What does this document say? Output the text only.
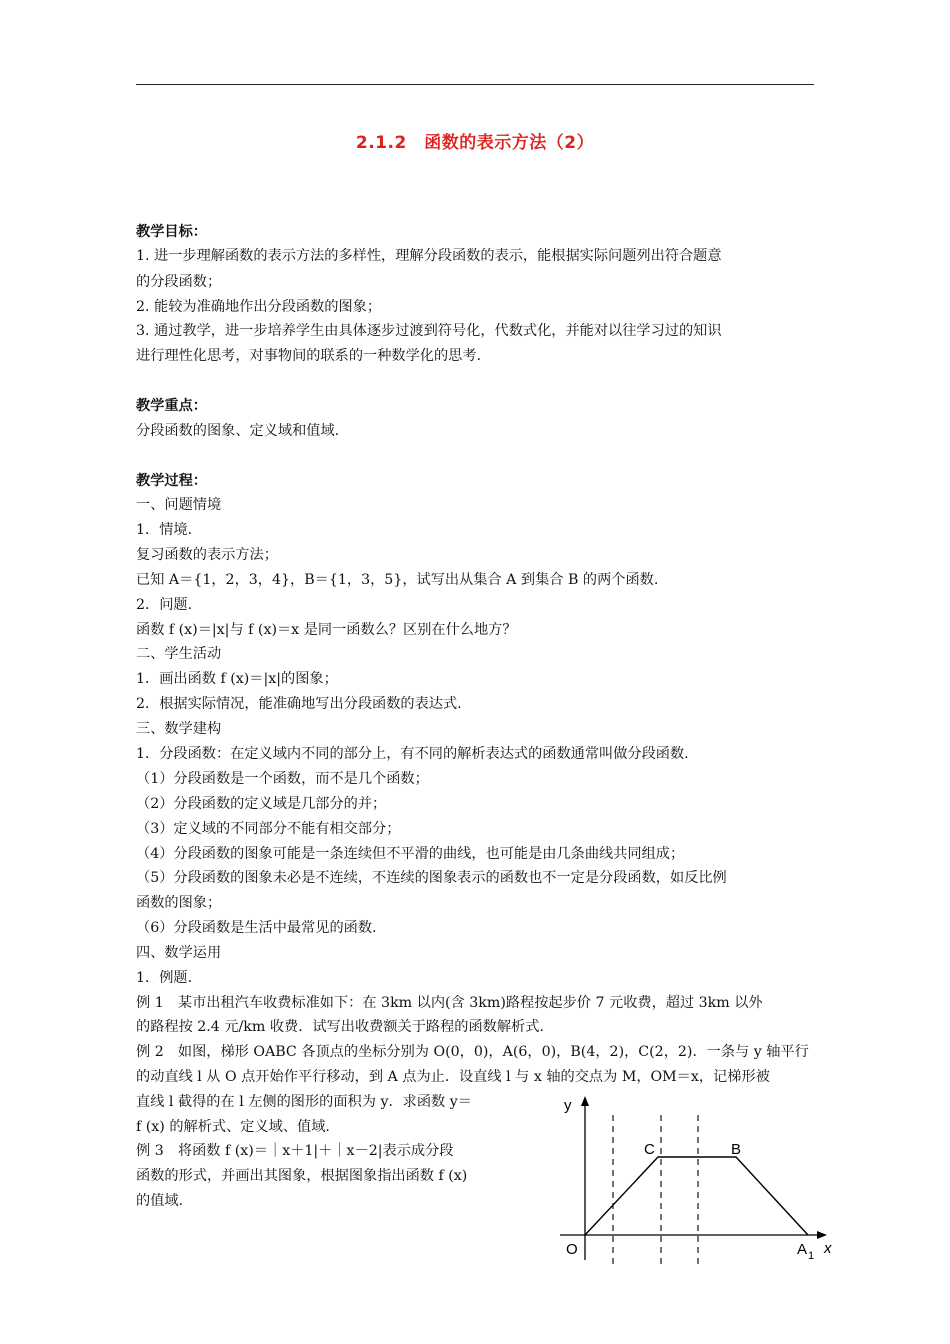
2.1.2　函数的表示方法（2）
教学目标：
1. 进一步理解函数的表示方法的多样性，理解分段函数的表示，能根据实际问题列出符合题意
的分段函数；
2. 能较为准确地作出分段函数的图象；
3. 通过教学，进一步培养学生由具体逐步过渡到符号化，代数式化，并能对以往学习过的知识
进行理性化思考，对事物间的联系的一种数学化的思考.
教学重点：
分段函数的图象、定义域和值域.
教学过程：
一、问题情境
1．情境.
复习函数的表示方法；
已知 A＝{1，2，3，4}，B＝{1，3，5}，试写出从集合 A 到集合 B 的两个函数.
2．问题.
函数 f (x)＝|x|与 f (x)＝x 是同一函数么？区别在什么地方？
二、学生活动
1．画出函数 f (x)＝|x|的图象；
2．根据实际情况，能准确地写出分段函数的表达式.
三、数学建构
1．分段函数：在定义域内不同的部分上，有不同的解析表达式的函数通常叫做分段函数.
（1）分段函数是一个函数，而不是几个函数；
（2）分段函数的定义域是几部分的并；
（3）定义域的不同部分不能有相交部分；
（4）分段函数的图象可能是一条连续但不平滑的曲线，也可能是由几条曲线共同组成；
（5）分段函数的图象未必是不连续，不连续的图象表示的函数也不一定是分段函数，如反比例
函数的图象；
（6）分段函数是生活中最常见的函数.
四、数学运用
1．例题.
例 1　某市出租汽车收费标准如下：在 3km 以内(含 3km)路程按起步价 7 元收费，超过 3km 以外
的路程按 2.4 元/km 收费．试写出收费额关于路程的函数解析式.
例 2　如图，梯形 OABC 各顶点的坐标分别为 O(0，0)，A(6，0)，B(4，2)，C(2，2)．一条与 y 轴平行
的动直线 l 从 O 点开始作平行移动，到 A 点为止．设直线 l 与 x 轴的交点为 M，OM＝x，记梯形被
直线 l 截得的在 l 左侧的图形的面积为 y．求函数 y＝
f (x) 的解析式、定义域、值域.
例 3　将函数 f (x)＝｜x＋1|＋｜x－2|表示成分段
函数的形式，并画出其图象，根据图象指出函数 f (x)
的值域.
y
x
O
C	B
A 1
